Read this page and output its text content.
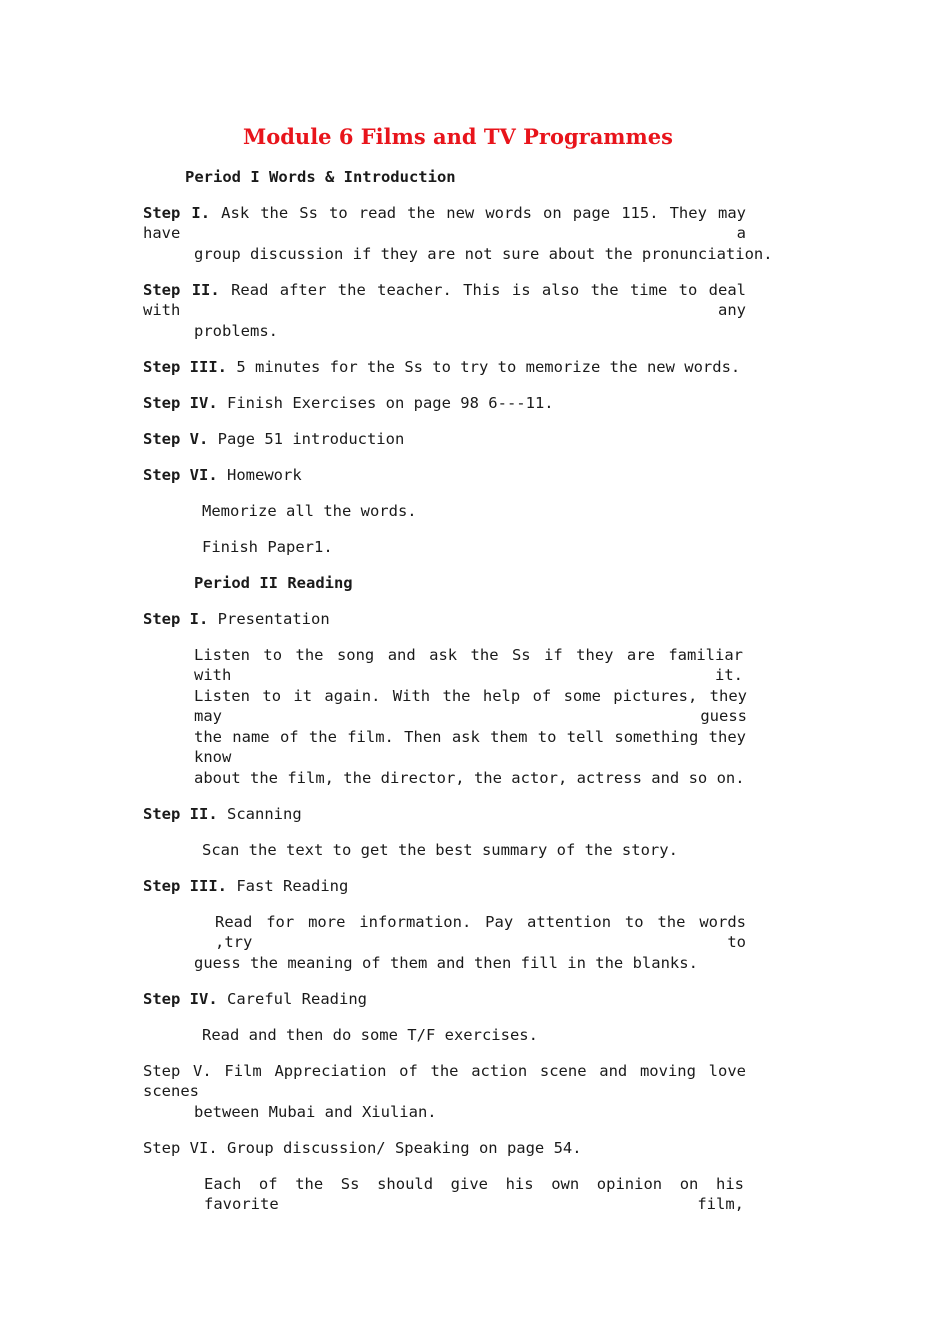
Module 6 Films and TV Programmes
Period I Words & Introduction
Step I. Ask the Ss to read the new words on page 115. They may have a
group discussion if they are not sure about the pronunciation.
Step II. Read after the teacher. This is also the time to deal with any
problems.
Step III. 5 minutes for the Ss to try to memorize the new words.
Step IV. Finish Exercises on page 98 6---11.
Step V. Page 51 introduction
Step VI. Homework
Memorize all the words.
Finish Paper1.
Period II Reading
Step I. Presentation
Listen to the song and ask the Ss if they are familiar with it.
Listen to it again. With the help of some pictures, they may guess
the name of the film. Then ask them to tell something they know
about the film, the director, the actor, actress and so on.
Step II. Scanning
Scan the text to get the best summary of the story.
Step III. Fast Reading
Read for more information. Pay attention to the words ,try to
guess the meaning of them and then fill in the blanks.
Step IV. Careful Reading
Read and then do some T/F exercises.
Step V. Film Appreciation of the action scene and moving love scenes
between Mubai and Xiulian.
Step VI. Group discussion/ Speaking on page 54.
Each of the Ss should give his own opinion on his favorite film,
